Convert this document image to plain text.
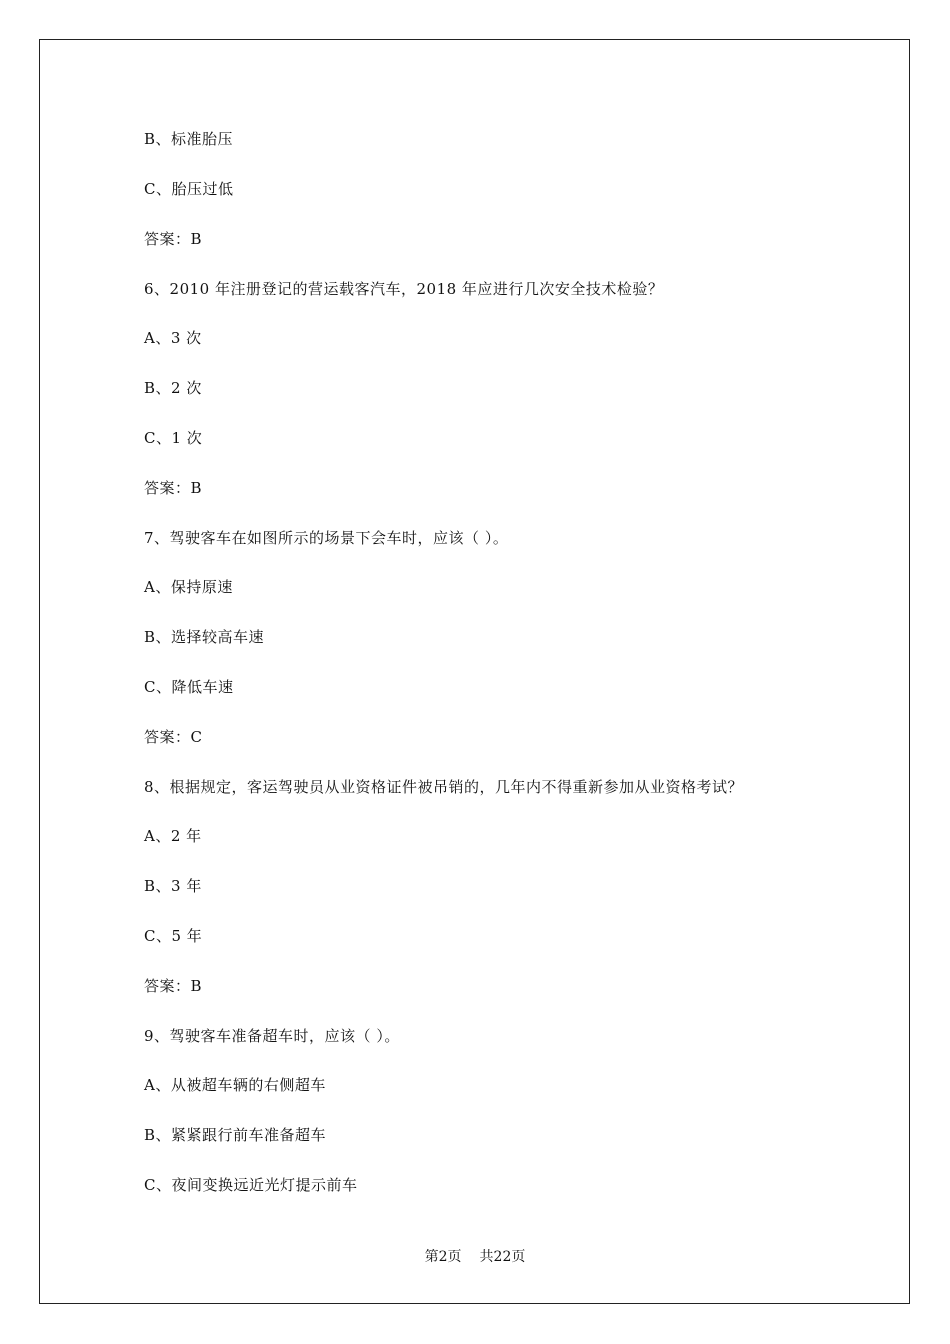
B、标准胎压
C、胎压过低
答案：B
6、2010 年注册登记的营运载客汽车，2018 年应进行几次安全技术检验？
A、3 次
B、2 次
C、1 次
答案：B
7、驾驶客车在如图所示的场景下会车时，应该（ ）。
A、保持原速
B、选择较高车速
C、降低车速
答案：C
8、根据规定，客运驾驶员从业资格证件被吊销的，几年内不得重新参加从业资格考试？
A、2 年
B、3 年
C、5 年
答案：B
9、驾驶客车准备超车时，应该（ ）。
A、从被超车辆的右侧超车
B、紧紧跟行前车准备超车
C、夜间变换远近光灯提示前车
第2页 共22页
